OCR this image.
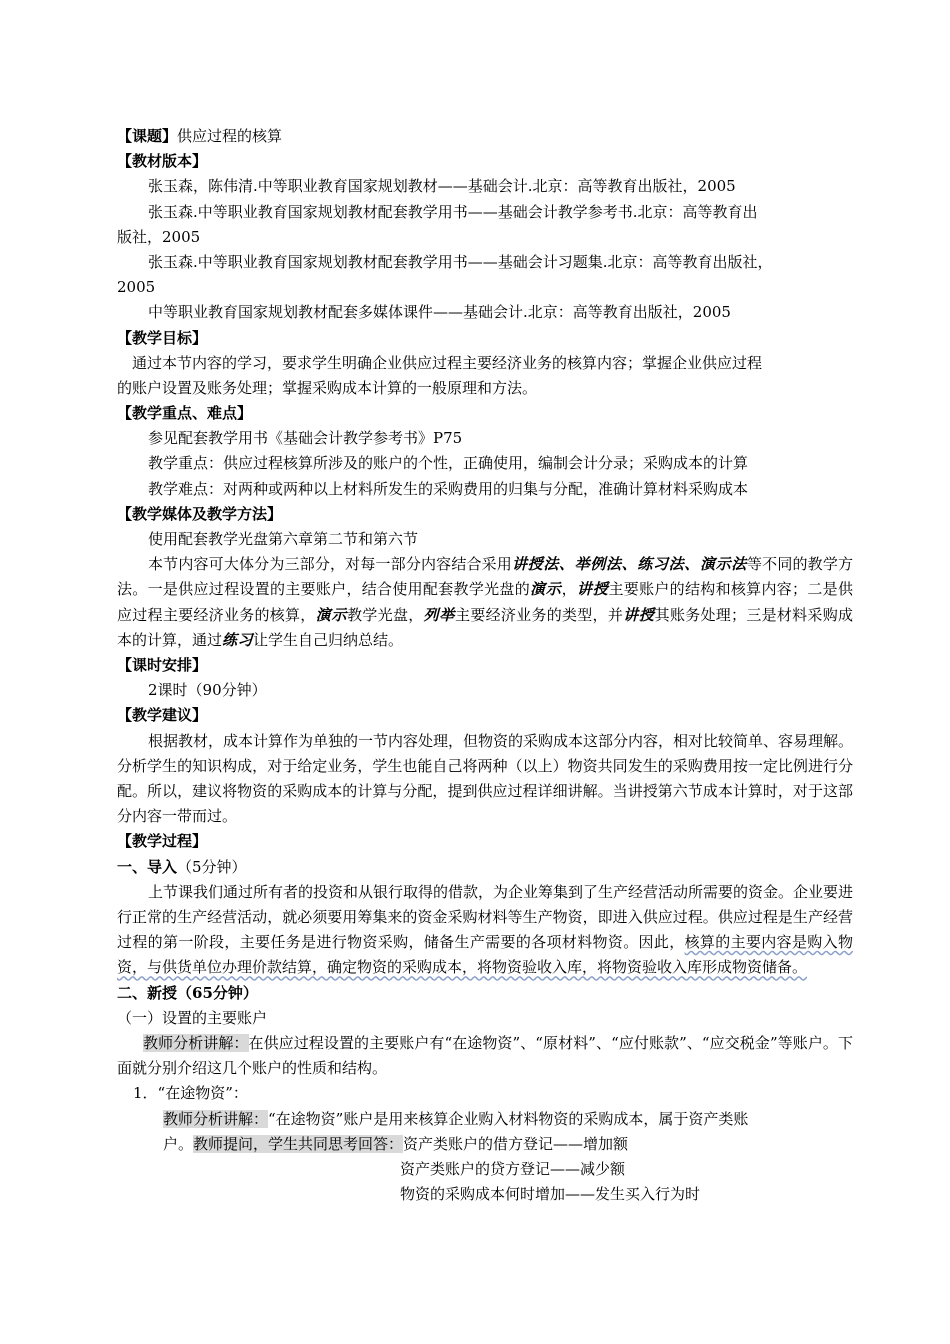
【课题】供应过程的核算
【教材版本】
张玉森，陈伟清.中等职业教育国家规划教材——基础会计.北京：高等教育出版社，2005
张玉森.中等职业教育国家规划教材配套教学用书——基础会计教学参考书.北京：高等教育出
版社，2005
张玉森.中等职业教育国家规划教材配套教学用书——基础会计习题集.北京：高等教育出版社，
2005
中等职业教育国家规划教材配套多媒体课件——基础会计.北京：高等教育出版社，2005
【教学目标】
通过本节内容的学习，要求学生明确企业供应过程主要经济业务的核算内容；掌握企业供应过程
的账户设置及账务处理；掌握采购成本计算的一般原理和方法。
【教学重点、难点】
参见配套教学用书《基础会计教学参考书》P75
教学重点：供应过程核算所涉及的账户的个性，正确使用，编制会计分录；采购成本的计算
教学难点：对两种或两种以上材料所发生的采购费用的归集与分配，准确计算材料采购成本
【教学媒体及教学方法】
使用配套教学光盘第六章第二节和第六节
本节内容可大体分为三部分，对每一部分内容结合采用讲授法、举例法、练习法、演示法等不同的教学方法。一是供应过程设置的主要账户，结合使用配套教学光盘的演示，讲授主要账户的结构和核算内容；二是供应过程主要经济业务的核算，演示教学光盘，列举主要经济业务的类型，并讲授其账务处理；三是材料采购成本的计算，通过练习让学生自己归纳总结。
【课时安排】
2课时（90分钟）
【教学建议】
根据教材，成本计算作为单独的一节内容处理，但物资的采购成本这部分内容，相对比较简单、容易理解。分析学生的知识构成，对于给定业务，学生也能自己将两种（以上）物资共同发生的采购费用按一定比例进行分配。所以，建议将物资的采购成本的计算与分配，提到供应过程详细讲解。当讲授第六节成本计算时，对于这部分内容一带而过。
【教学过程】
一、导入（5分钟）
上节课我们通过所有者的投资和从银行取得的借款，为企业筹集到了生产经营活动所需要的资金。企业要进行正常的生产经营活动，就必须要用筹集来的资金采购材料等生产物资，即进入供应过程。供应过程是生产经营过程的第一阶段，主要任务是进行物资采购，储备生产需要的各项材料物资。因此，核算的主要内容是购入物资，与供货单位办理价款结算，确定物资的采购成本，将物资验收入库，将物资验收入库形成物资储备。
二、新授（65分钟）
（一）设置的主要账户
教师分析讲解：在供应过程设置的主要账户有“在途物资”、“原材料”、“应付账款”、“应交税金”等账户。下面就分别介绍这几个账户的性质和结构。
1．“在途物资”：
教师分析讲解：“在途物资”账户是用来核算企业购入材料物资的采购成本，属于资产类账
户。教师提问，学生共同思考回答：资产类账户的借方登记——增加额
资产类账户的贷方登记——减少额
物资的采购成本何时增加——发生买入行为时
